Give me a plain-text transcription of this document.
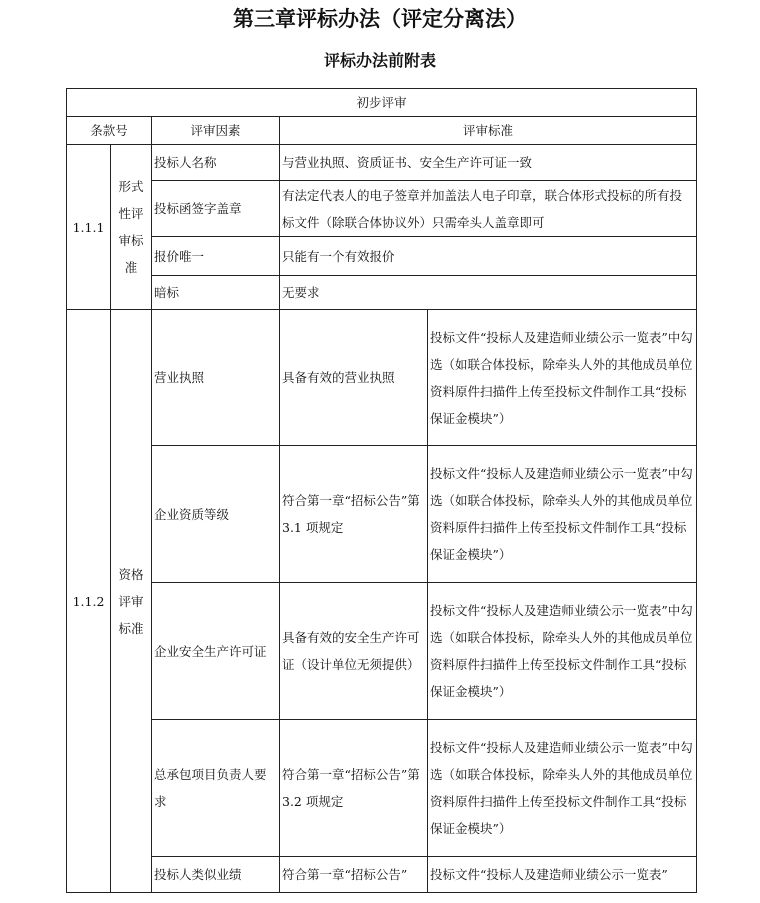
第三章评标办法（评定分离法）
评标办法前附表
初步评审				
条款号		评审因素	评审标准	
1.1.1	形式性评审标准	投标人名称	与营业执照、资质证书、安全生产许可证一致	
		投标函签字盖章	有法定代表人的电子签章并加盖法人电子印章，联合体形式投标的所有投标文件（除联合体协议外）只需牵头人盖章即可	
		报价唯一	只能有一个有效报价	
		暗标	无要求	
1.1.2	资格评审标准	营业执照	具备有效的营业执照	投标文件“投标人及建造师业绩公示一览表”中勾选（如联合体投标，除牵头人外的其他成员单位资料原件扫描件上传至投标文件制作工具“投标保证金模块”）
		企业资质等级	符合第一章“招标公告”第 3.1 项规定	投标文件“投标人及建造师业绩公示一览表”中勾选（如联合体投标，除牵头人外的其他成员单位资料原件扫描件上传至投标文件制作工具“投标保证金模块”）
		企业安全生产许可证	具备有效的安全生产许可证（设计单位无须提供）	投标文件“投标人及建造师业绩公示一览表”中勾选（如联合体投标，除牵头人外的其他成员单位资料原件扫描件上传至投标文件制作工具“投标保证金模块”）
		总承包项目负责人要求	符合第一章“招标公告”第 3.2 项规定	投标文件“投标人及建造师业绩公示一览表”中勾选（如联合体投标，除牵头人外的其他成员单位资料原件扫描件上传至投标文件制作工具“投标保证金模块”）
		投标人类似业绩	符合第一章“招标公告”	投标文件“投标人及建造师业绩公示一览表”
